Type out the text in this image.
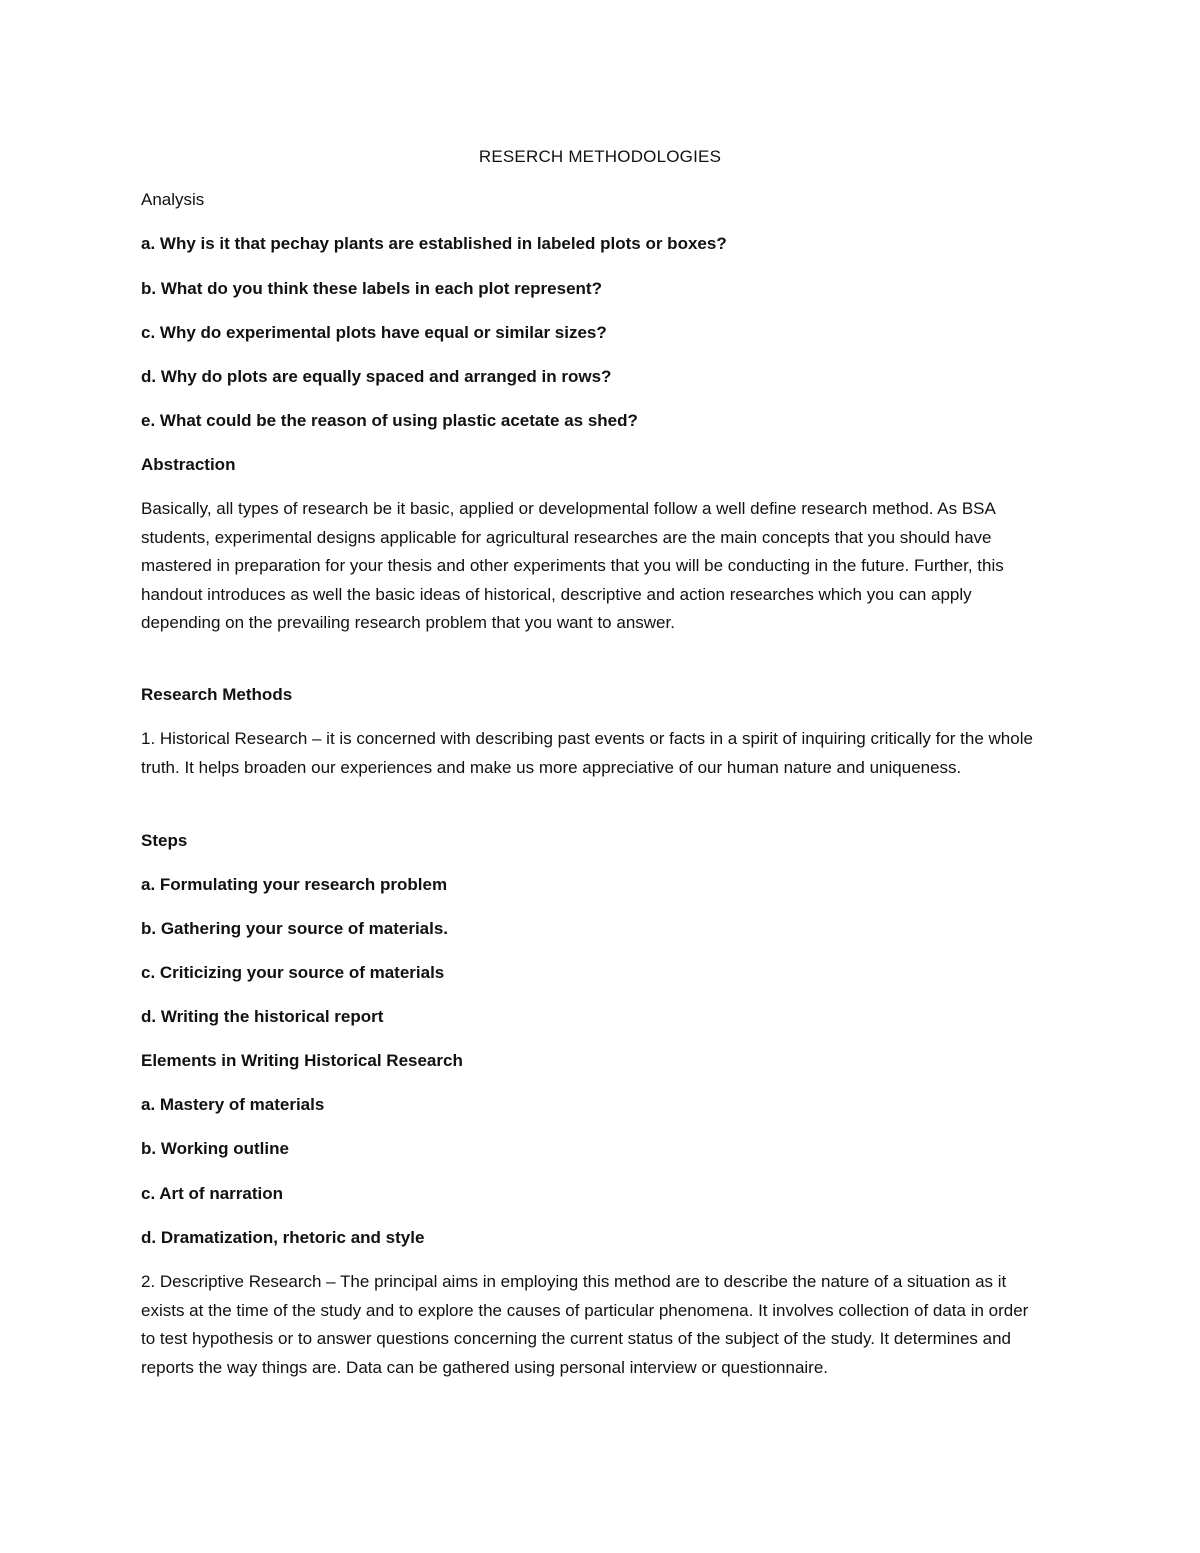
RESERCH METHODOLOGIES
Analysis
a. Why is it that pechay plants are established in labeled plots or boxes?
b. What do you think these labels in each plot represent?
c. Why do experimental plots have equal or similar sizes?
d. Why do plots are equally spaced and arranged in rows?
e. What could be the reason of using plastic acetate as shed?
Abstraction

Basically, all types of research be it basic, applied or developmental follow a well define research method. As BSA students, experimental designs applicable for agricultural researches are the main concepts that you should have mastered in preparation for your thesis and other experiments that you will be conducting in the future. Further, this handout introduces as well the basic ideas of historical, descriptive and action researches which you can apply depending on the prevailing research problem that you want to answer.

Research Methods

1. Historical Research – it is concerned with describing past events or facts in a spirit of inquiring critically for the whole truth. It helps broaden our experiences and make us more appreciative of our human nature and uniqueness.

Steps
a. Formulating your research problem
b. Gathering your source of materials.
c. Criticizing your source of materials
d. Writing the historical report
Elements in Writing Historical Research
a. Mastery of materials
b. Working outline
c. Art of narration
d. Dramatization, rhetoric and style

2. Descriptive Research – The principal aims in employing this method are to describe the nature of a situation as it exists at the time of the study and to explore the causes of particular phenomena. It involves collection of data in order to test hypothesis or to answer questions concerning the current status of the subject of the study. It determines and reports the way things are. Data can be gathered using personal interview or questionnaire.
